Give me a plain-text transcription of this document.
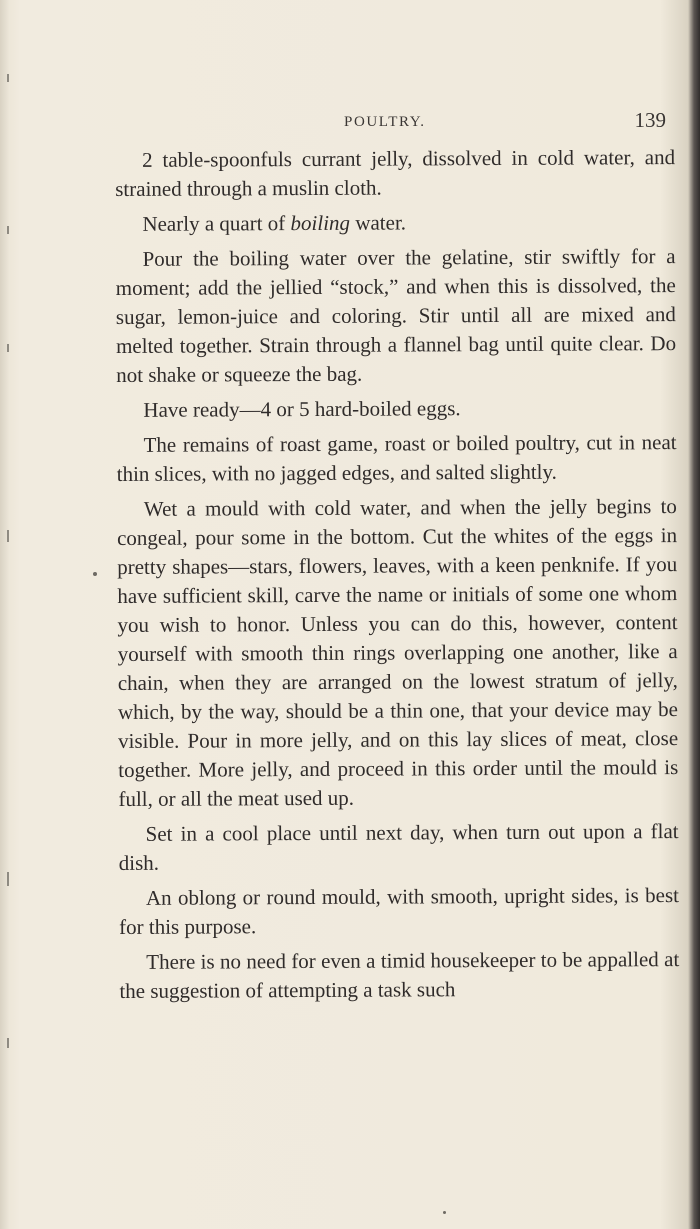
POULTRY.	139

2 table-spoonfuls currant jelly, dissolved in cold water, and strained through a muslin cloth.

Nearly a quart of boiling water.

Pour the boiling water over the gelatine, stir swiftly for a moment; add the jellied “stock,” and when this is dissolved, the sugar, lemon-juice and coloring. Stir until all are mixed and melted together. Strain through a flannel bag until quite clear. Do not shake or squeeze the bag.

Have ready—4 or 5 hard-boiled eggs.

The remains of roast game, roast or boiled poultry, cut in neat thin slices, with no jagged edges, and salted slightly.

Wet a mould with cold water, and when the jelly begins to congeal, pour some in the bottom. Cut the whites of the eggs in pretty shapes—stars, flowers, leaves, with a keen penknife. If you have sufficient skill, carve the name or initials of some one whom you wish to honor. Unless you can do this, however, content yourself with smooth thin rings overlapping one another, like a chain, when they are arranged on the lowest stratum of jelly, which, by the way, should be a thin one, that your device may be visible. Pour in more jelly, and on this lay slices of meat, close together. More jelly, and proceed in this order until the mould is full, or all the meat used up.

Set in a cool place until next day, when turn out upon a flat dish.

An oblong or round mould, with smooth, upright sides, is best for this purpose.

There is no need for even a timid housekeeper to be appalled at the suggestion of attempting a task such
